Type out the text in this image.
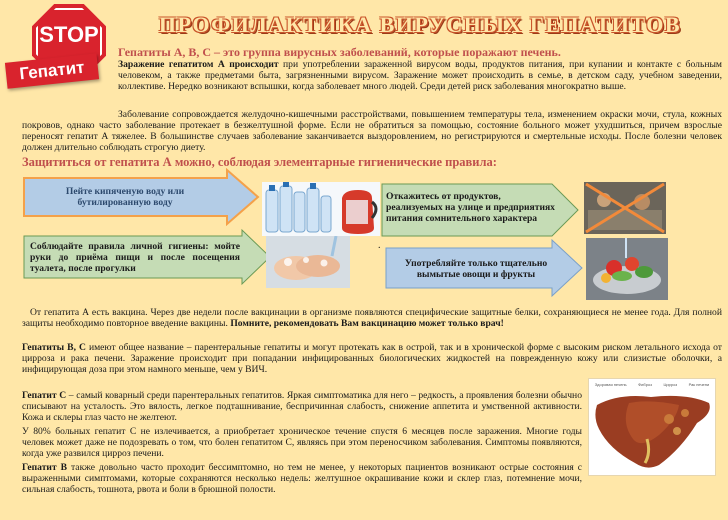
STOP
Гепатит
ПРОФИЛАКТИКА ВИРУСНЫХ ГЕПАТИТОВ
Гепатиты А, В, С – это группа вирусных заболеваний, которые поражают печень.
Заражение гепатитом А происходит при употреблении зараженной вирусом воды, продуктов питания, при купании и контакте с больным человеком, а также предметами быта, загрязненными вирусом. Заражение может происходить в семье, в детском саду, учебном заведении, коллективе. Нередко возникают вспышки, когда заболевает много людей. Среди детей риск заболевания многократно выше.
Заболевание сопровождается желудочно-кишечными расстройствами, повышением температуры тела, изменением окраски мочи, стула, кожных покровов, однако часто заболевание протекает в безжелтушной форме. Если не обратиться за помощью, состояние больного может ухудшиться, причем взрослые переносят гепатит А тяжелее. В большинстве случаев заболевание заканчивается выздоровлением, но регистрируются и смертельные исходы. После болезни человек должен длительно соблюдать строгую диету.
Защититься от гепатита А можно, соблюдая элементарные гигиенические правила:
Пейте кипяченую воду или бутилированную воду
Соблюдайте правила личной гигиены: мойте руки до приёма пищи и после посещения туалета, после прогулки
Откажитесь от продуктов, реализуемых на улице и предприятиях питания сомнительного характера
.
Употребляйте только тщательно вымытые овощи и фрукты
От гепатита А есть вакцина. Через две недели после вакцинации в организме появляются специфические защитные белки, сохраняющиеся не менее года. Для полной защиты необходимо повторное введение вакцины. Помните, рекомендовать Вам вакцинацию может только врач!
Гепатиты В, С имеют общее название – парентеральные гепатиты и могут протекать как в острой, так и в хронической форме с высоким риском летального исхода от цирроза и рака печени. Заражение происходит при попадании инфицированных биологических жидкостей на поврежденную кожу или слизистые оболочки, а инфицирующая доза при этом намного меньше, чем у ВИЧ.
Гепатит С – самый коварный среди парентеральных гепатитов. Яркая симптоматика для него – редкость, а проявления болезни обычно списывают на усталость. Это вялость, легкое подташнивание, беспричинная слабость, снижение аппетита и умственной активности. Кожа и склеры глаз часто не желтеют.
У 80% больных гепатит С не излечивается, а приобретает хроническое течение спустя 6 месяцев после заражения. Многие годы человек может даже не подозревать о том, что болен гепатитом С, являясь при этом переносчиком заболевания. Симптомы появляются, когда уже развился цирроз печени.
Гепатит В также довольно часто проходит бессимптомно, но тем не менее, у некоторых пациентов возникают острые состояния с выраженными симптомами, которые сохраняются несколько недель: желтушное окрашивание кожи и склер глаз, потемнение мочи, сильная слабость, тошнота, рвота и боли в брюшной полости.
Здоровая печень	Фиброз	Цирроз	Рак печени
